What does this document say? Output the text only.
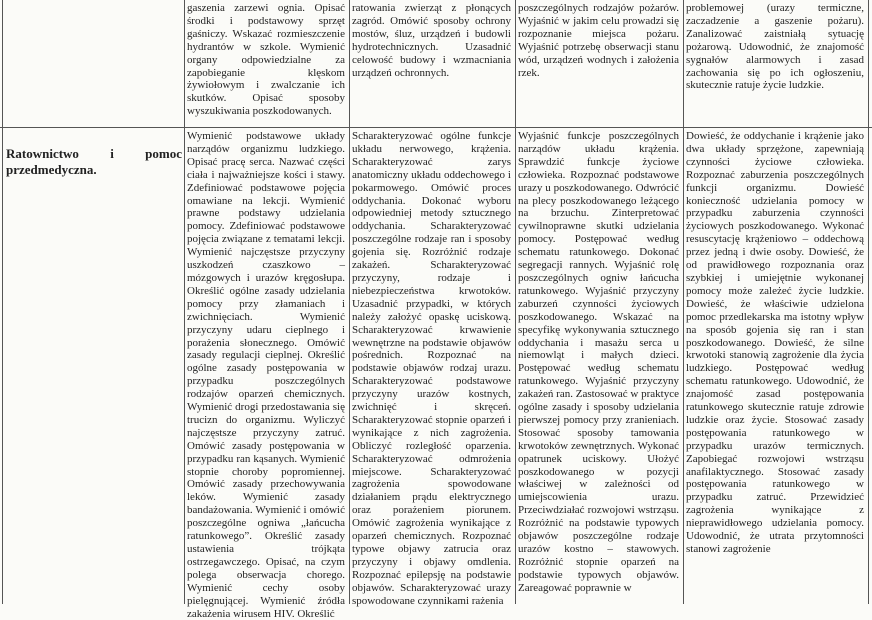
gaszenia zarzewi ognia. Opisać środki i podstawowy sprzęt gaśniczy. Wskazać rozmieszczenie hydrantów w szkole. Wymienić organy odpowiedzialne za zapobieganie klęskom żywiołowym i zwalczanie ich skutków. Opisać sposoby wyszukiwania poszkodowanych.

ratowania zwierząt z płonących zagród. Omówić sposoby ochrony mostów, śluz, urządzeń i budowli hydrotechnicznych. Uzasadnić celowość budowy i wzmacniania urządzeń ochronnych.

poszczególnych rodzajów pożarów. Wyjaśnić w jakim celu prowadzi się rozpoznanie miejsca pożaru. Wyjaśnić potrzebę obserwacji stanu wód, urządzeń wodnych i założenia rzek.

problemowej (urazy termiczne, zaczadzenie a gaszenie pożaru). Zanalizować zaistniałą sytuację pożarową. Udowodnić, że znajomość sygnałów alarmowych i zasad zachowania się po ich ogłoszeniu, skutecznie ratuje życie ludzkie.

Ratownictwo i pomoc przedmedyczna.

Wymienić podstawowe układy narządów organizmu ludzkiego. Opisać pracę serca. Nazwać części ciała i najważniejsze kości i stawy. Zdefiniować podstawowe pojęcia omawiane na lekcji. Wymienić prawne podstawy udzielania pomocy. Zdefiniować podstawowe pojęcia związane z tematami lekcji. Wymienić najczęstsze przyczyny uszkodzeń czaszkowo – mózgowych i urazów kręgosłupa. Określić ogólne zasady udzielania pomocy przy złamaniach i zwichnięciach. Wymienić przyczyny udaru cieplnego i porażenia słonecznego. Omówić zasady regulacji cieplnej. Określić ogólne zasady postępowania w przypadku poszczególnych rodzajów oparzeń chemicznych. Wymienić drogi przedostawania się trucizn do organizmu. Wyliczyć najczęstsze przyczyny zatruć. Omówić zasady postępowania w przypadku ran kąsanych. Wymienić stopnie choroby popromiennej. Omówić zasady przechowywania leków. Wymienić zasady bandażowania. Wymienić i omówić poszczególne ogniwa „łańcucha ratunkowego”. Określić zasady ustawienia trójkąta ostrzegawczego. Opisać, na czym polega obserwacja chorego. Wymienić cechy osoby pielęgnującej. Wymienić źródła zakażenia wirusem HIV. Określić

Scharakteryzować ogólne funkcje układu nerwowego, krążenia. Scharakteryzować zarys anatomiczny układu oddechowego i pokarmowego. Omówić proces oddychania. Dokonać wyboru odpowiedniej metody sztucznego oddychania. Scharakteryzować poszczególne rodzaje ran i sposoby gojenia się. Rozróżnić rodzaje zakażeń. Scharakteryzować przyczyny, rodzaje i niebezpieczeństwa krwotoków. Uzasadnić przypadki, w których należy założyć opaskę uciskową. Scharakteryzować krwawienie wewnętrzne na podstawie objawów pośrednich. Rozpoznać na podstawie objawów rodzaj urazu. Scharakteryzować podstawowe przyczyny urazów kostnych, zwichnięć i skręceń. Scharakteryzować stopnie oparzeń i wynikające z nich zagrożenia. Obliczyć rozległość oparzenia. Scharakteryzować odmrożenia miejscowe. Scharakteryzować zagrożenia spowodowane działaniem prądu elektrycznego oraz porażeniem piorunem. Omówić zagrożenia wynikające z oparzeń chemicznych. Rozpoznać typowe objawy zatrucia oraz przyczyny i objawy omdlenia. Rozpoznać epilepsję na podstawie objawów. Scharakteryzować urazy spowodowane czynnikami rażenia

Wyjaśnić funkcje poszczególnych narządów układu krążenia. Sprawdzić funkcje życiowe człowieka. Rozpoznać podstawowe urazy u poszkodowanego. Odwrócić na plecy poszkodowanego leżącego na brzuchu. Zinterpretować cywilnoprawne skutki udzielania pomocy. Postępować według schematu ratunkowego. Dokonać segregacji rannych. Wyjaśnić rolę poszczególnych ogniw łańcucha ratunkowego. Wyjaśnić przyczyny zaburzeń czynności życiowych poszkodowanego. Wskazać na specyfikę wykonywania sztucznego oddychania i masażu serca u niemowląt i małych dzieci. Postępować według schematu ratunkowego. Wyjaśnić przyczyny zakażeń ran. Zastosować w praktyce ogólne zasady i sposoby udzielania pierwszej pomocy przy zranieniach. Stosować sposoby tamowania krwotoków zewnętrznych. Wykonać opatrunek uciskowy. Ułożyć poszkodowanego w pozycji właściwej w zależności od umiejscowienia urazu. Przeciwdziałać rozwojowi wstrząsu. Rozróżnić na podstawie typowych objawów poszczególne rodzaje urazów kostno – stawowych. Rozróżnić stopnie oparzeń na podstawie typowych objawów. Zareagować poprawnie w

Dowieść, że oddychanie i krążenie jako dwa układy sprzężone, zapewniają czynności życiowe człowieka. Rozpoznać zaburzenia poszczególnych funkcji organizmu. Dowieść konieczność udzielania pomocy w przypadku zaburzenia czynności życiowych poszkodowanego. Wykonać resuscytację krążeniowo – oddechową przez jedną i dwie osoby. Dowieść, że od prawidłowego rozpoznania oraz szybkiej i umiejętnie wykonanej pomocy może zależeć życie ludzkie. Dowieść, że właściwie udzielona pomoc przedlekarska ma istotny wpływ na sposób gojenia się ran i stan poszkodowanego. Dowieść, że silne krwotoki stanowią zagrożenie dla życia ludzkiego. Postępować według schematu ratunkowego. Udowodnić, że znajomość zasad postępowania ratunkowego skutecznie ratuje zdrowie ludzkie oraz życie. Stosować zasady postępowania ratunkowego w przypadku urazów termicznych. Zapobiegać rozwojowi wstrząsu anafilaktycznego. Stosować zasady postępowania ratunkowego w przypadku zatruć. Przewidzieć zagrożenia wynikające z nieprawidłowego udzielania pomocy. Udowodnić, że utrata przytomności stanowi zagrożenie
